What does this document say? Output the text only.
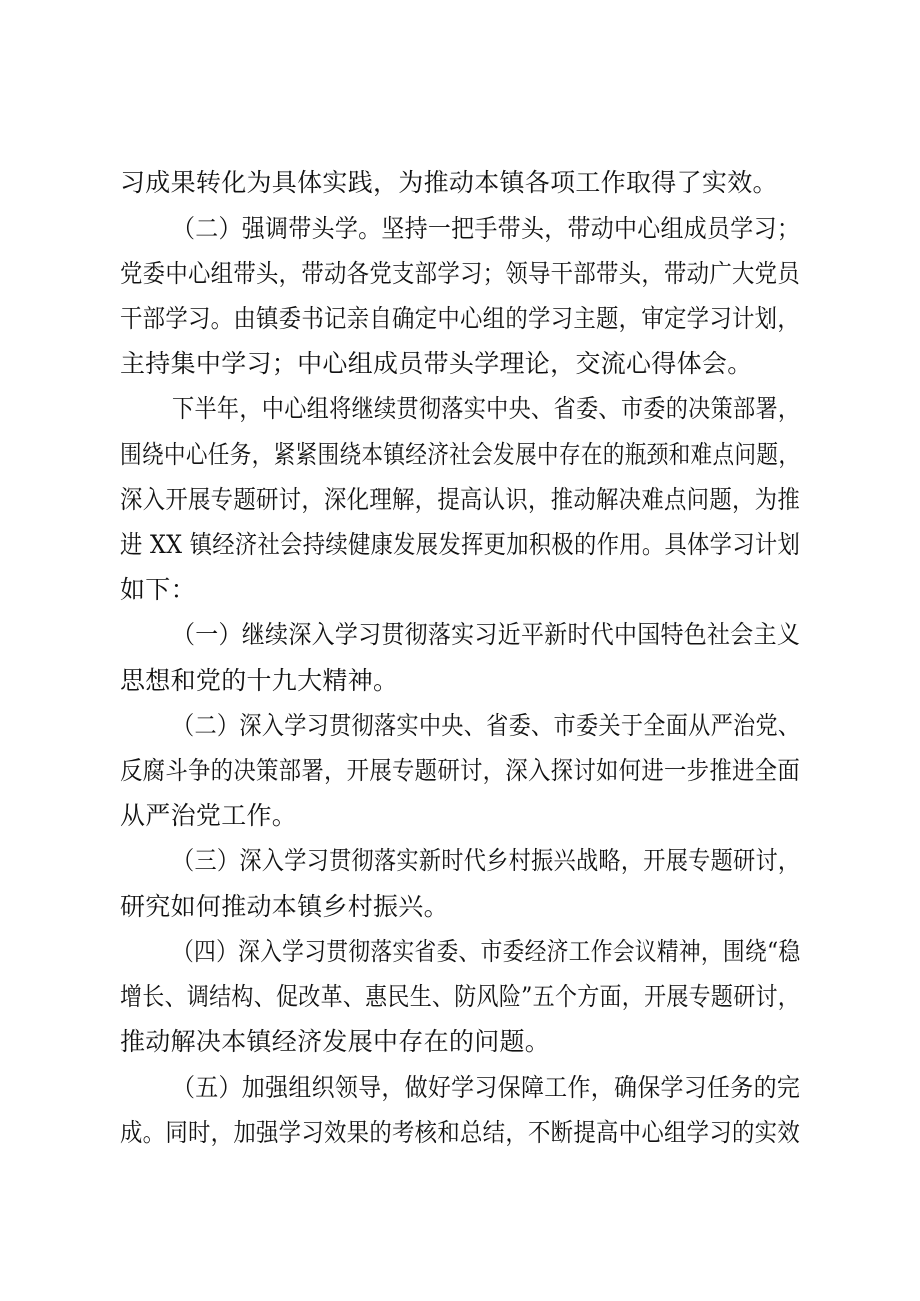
习成果转化为具体实践，为推动本镇各项工作取得了实效。
（二）强调带头学。坚持一把手带头，带动中心组成员学习；
党委中心组带头，带动各党支部学习；领导干部带头，带动广大党员
干部学习。由镇委书记亲自确定中心组的学习主题，审定学习计划，
主持集中学习；中心组成员带头学理论，交流心得体会。
下半年，中心组将继续贯彻落实中央、省委、市委的决策部署，
围绕中心任务，紧紧围绕本镇经济社会发展中存在的瓶颈和难点问题，
深入开展专题研讨，深化理解，提高认识，推动解决难点问题，为推
进 XX 镇经济社会持续健康发展发挥更加积极的作用。具体学习计划
如下：
（一）继续深入学习贯彻落实习近平新时代中国特色社会主义
思想和党的十九大精神。
（二）深入学习贯彻落实中央、省委、市委关于全面从严治党、
反腐斗争的决策部署，开展专题研讨，深入探讨如何进一步推进全面
从严治党工作。
（三）深入学习贯彻落实新时代乡村振兴战略，开展专题研讨，
研究如何推动本镇乡村振兴。
（四）深入学习贯彻落实省委、市委经济工作会议精神，围绕“稳
增长、调结构、促改革、惠民生、防风险”五个方面，开展专题研讨，
推动解决本镇经济发展中存在的问题。
（五）加强组织领导，做好学习保障工作，确保学习任务的完
成。同时，加强学习效果的考核和总结，不断提高中心组学习的实效
